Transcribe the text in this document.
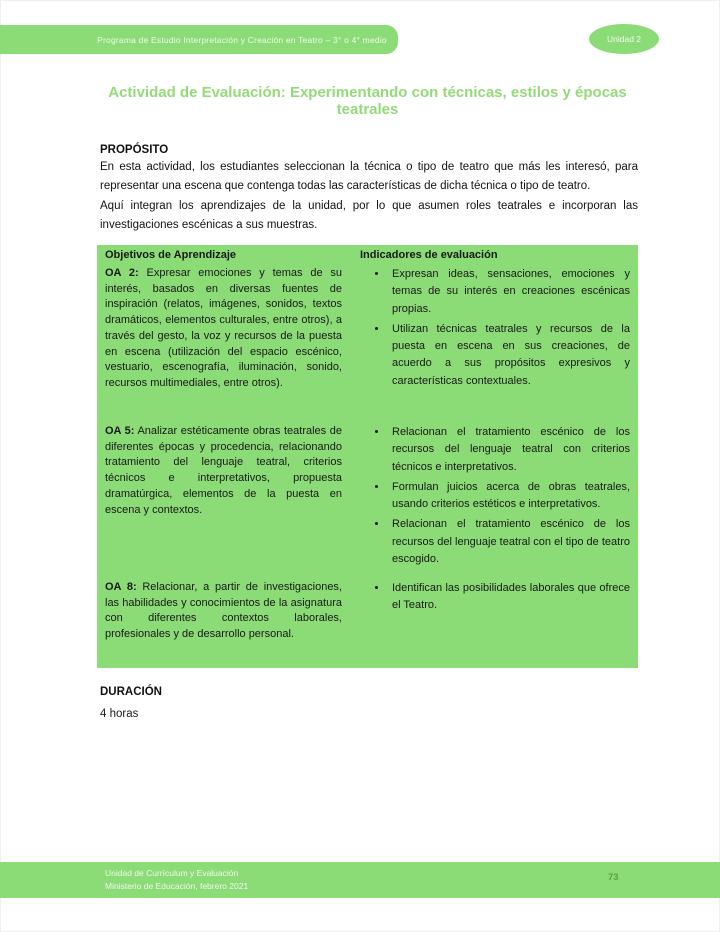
Programa de Estudio Interpretación y Creación en Teatro – 3° o 4° medio	Unidad 2
Actividad de Evaluación: Experimentando con técnicas, estilos y épocas teatrales
PROPÓSITO

En esta actividad, los estudiantes seleccionan la técnica o tipo de teatro que más les interesó, para representar una escena que contenga todas las características de dicha técnica o tipo de teatro.

Aquí integran los aprendizajes de la unidad, por lo que asumen roles teatrales e incorporan las investigaciones escénicas a sus muestras.

Objetivos de Aprendizaje	Indicadores de evaluación
OA 2: Expresar emociones y temas de su interés, basados en diversas fuentes de inspiración (relatos, imágenes, sonidos, textos dramáticos, elementos culturales, entre otros), a través del gesto, la voz y recursos de la puesta en escena (utilización del espacio escénico, vestuario, escenografía, iluminación, sonido, recursos multimediales, entre otros).
• Expresan ideas, sensaciones, emociones y temas de su interés en creaciones escénicas propias.
• Utilizan técnicas teatrales y recursos de la puesta en escena en sus creaciones, de acuerdo a sus propósitos expresivos y características contextuales.
OA 5: Analizar estéticamente obras teatrales de diferentes épocas y procedencia, relacionando tratamiento del lenguaje teatral, criterios técnicos e interpretativos, propuesta dramatúrgica, elementos de la puesta en escena y contextos.
• Relacionan el tratamiento escénico de los recursos del lenguaje teatral con criterios técnicos e interpretativos.
• Formulan juicios acerca de obras teatrales, usando criterios estéticos e interpretativos.
• Relacionan el tratamiento escénico de los recursos del lenguaje teatral con el tipo de teatro escogido.
OA 8: Relacionar, a partir de investigaciones, las habilidades y conocimientos de la asignatura con diferentes contextos laborales, profesionales y de desarrollo personal.
• Identifican las posibilidades laborales que ofrece el Teatro.
DURACIÓN
4 horas
Unidad de Currículum y Evaluación
Ministerio de Educación, febrero 2021
73
